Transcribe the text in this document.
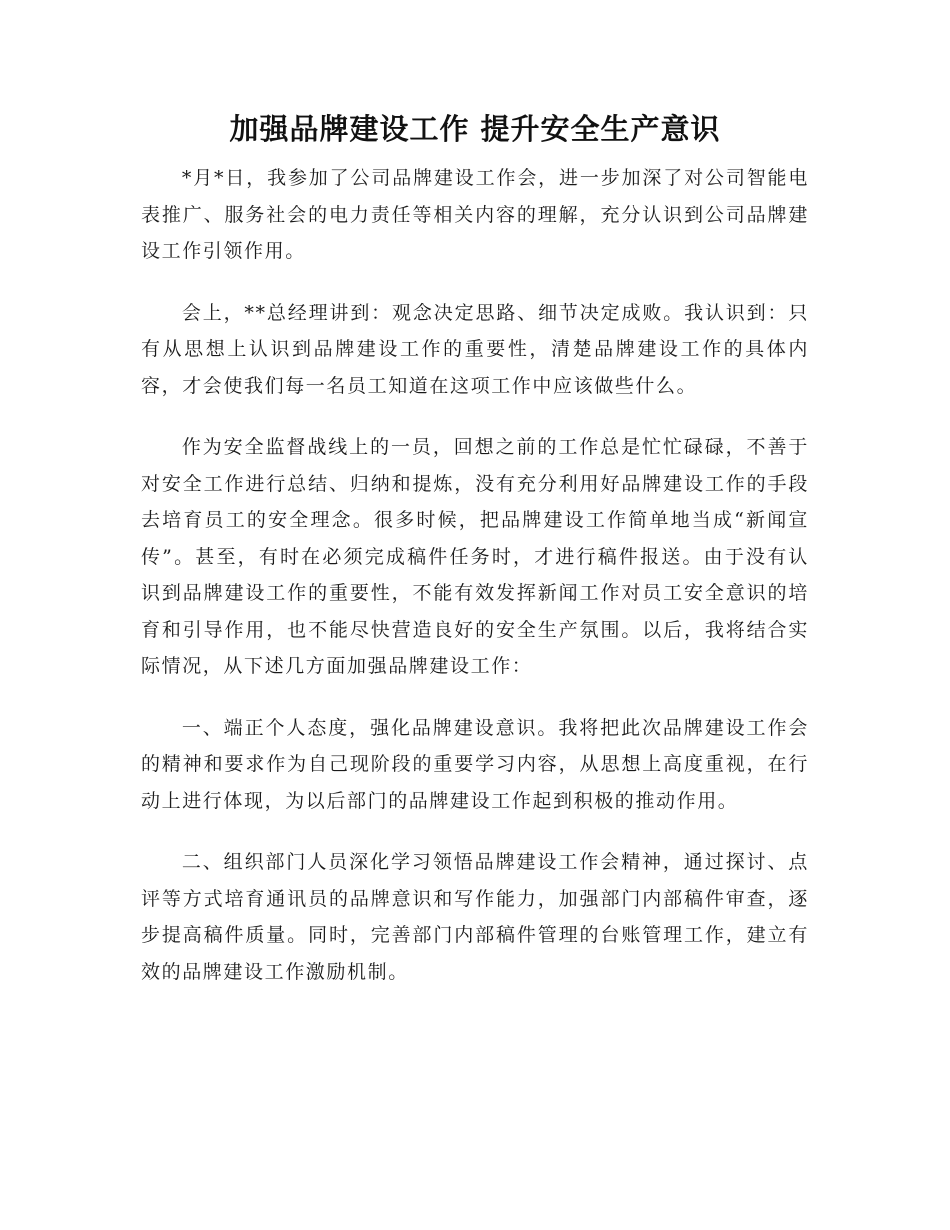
加强品牌建设工作 提升安全生产意识

*月*日，我参加了公司品牌建设工作会，进一步加深了对公司智能电表推广、服务社会的电力责任等相关内容的理解，充分认识到公司品牌建设工作引领作用。

会上，**总经理讲到：观念决定思路、细节决定成败。我认识到：只有从思想上认识到品牌建设工作的重要性，清楚品牌建设工作的具体内容，才会使我们每一名员工知道在这项工作中应该做些什么。

作为安全监督战线上的一员，回想之前的工作总是忙忙碌碌，不善于对安全工作进行总结、归纳和提炼，没有充分利用好品牌建设工作的手段去培育员工的安全理念。很多时候，把品牌建设工作简单地当成“新闻宣传”。甚至，有时在必须完成稿件任务时，才进行稿件报送。由于没有认识到品牌建设工作的重要性，不能有效发挥新闻工作对员工安全意识的培育和引导作用，也不能尽快营造良好的安全生产氛围。以后，我将结合实际情况，从下述几方面加强品牌建设工作：

一、端正个人态度，强化品牌建设意识。我将把此次品牌建设工作会的精神和要求作为自己现阶段的重要学习内容，从思想上高度重视，在行动上进行体现，为以后部门的品牌建设工作起到积极的推动作用。

二、组织部门人员深化学习领悟品牌建设工作会精神，通过探讨、点评等方式培育通讯员的品牌意识和写作能力，加强部门内部稿件审查，逐步提高稿件质量。同时，完善部门内部稿件管理的台账管理工作，建立有效的品牌建设工作激励机制。
